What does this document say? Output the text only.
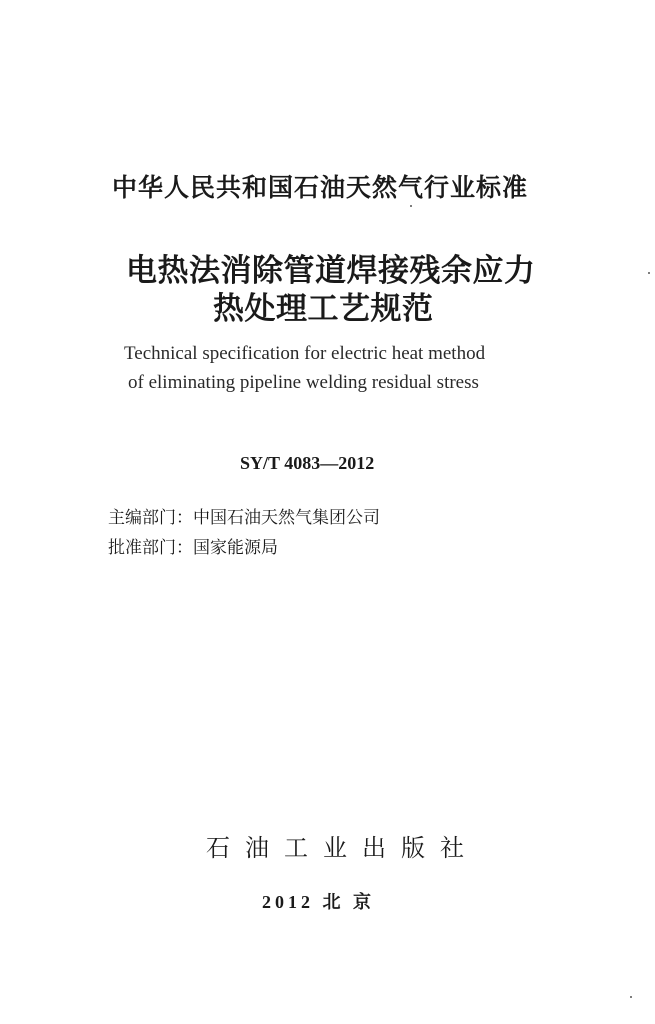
中华人民共和国石油天然气行业标准
电热法消除管道焊接残余应力
热处理工艺规范
Technical specification for electric heat method
of eliminating pipeline welding residual stress
SY/T 4083—2012
主编部门：中国石油天然气集团公司
批准部门：国家能源局
石油工业出版社
2012 北 京
